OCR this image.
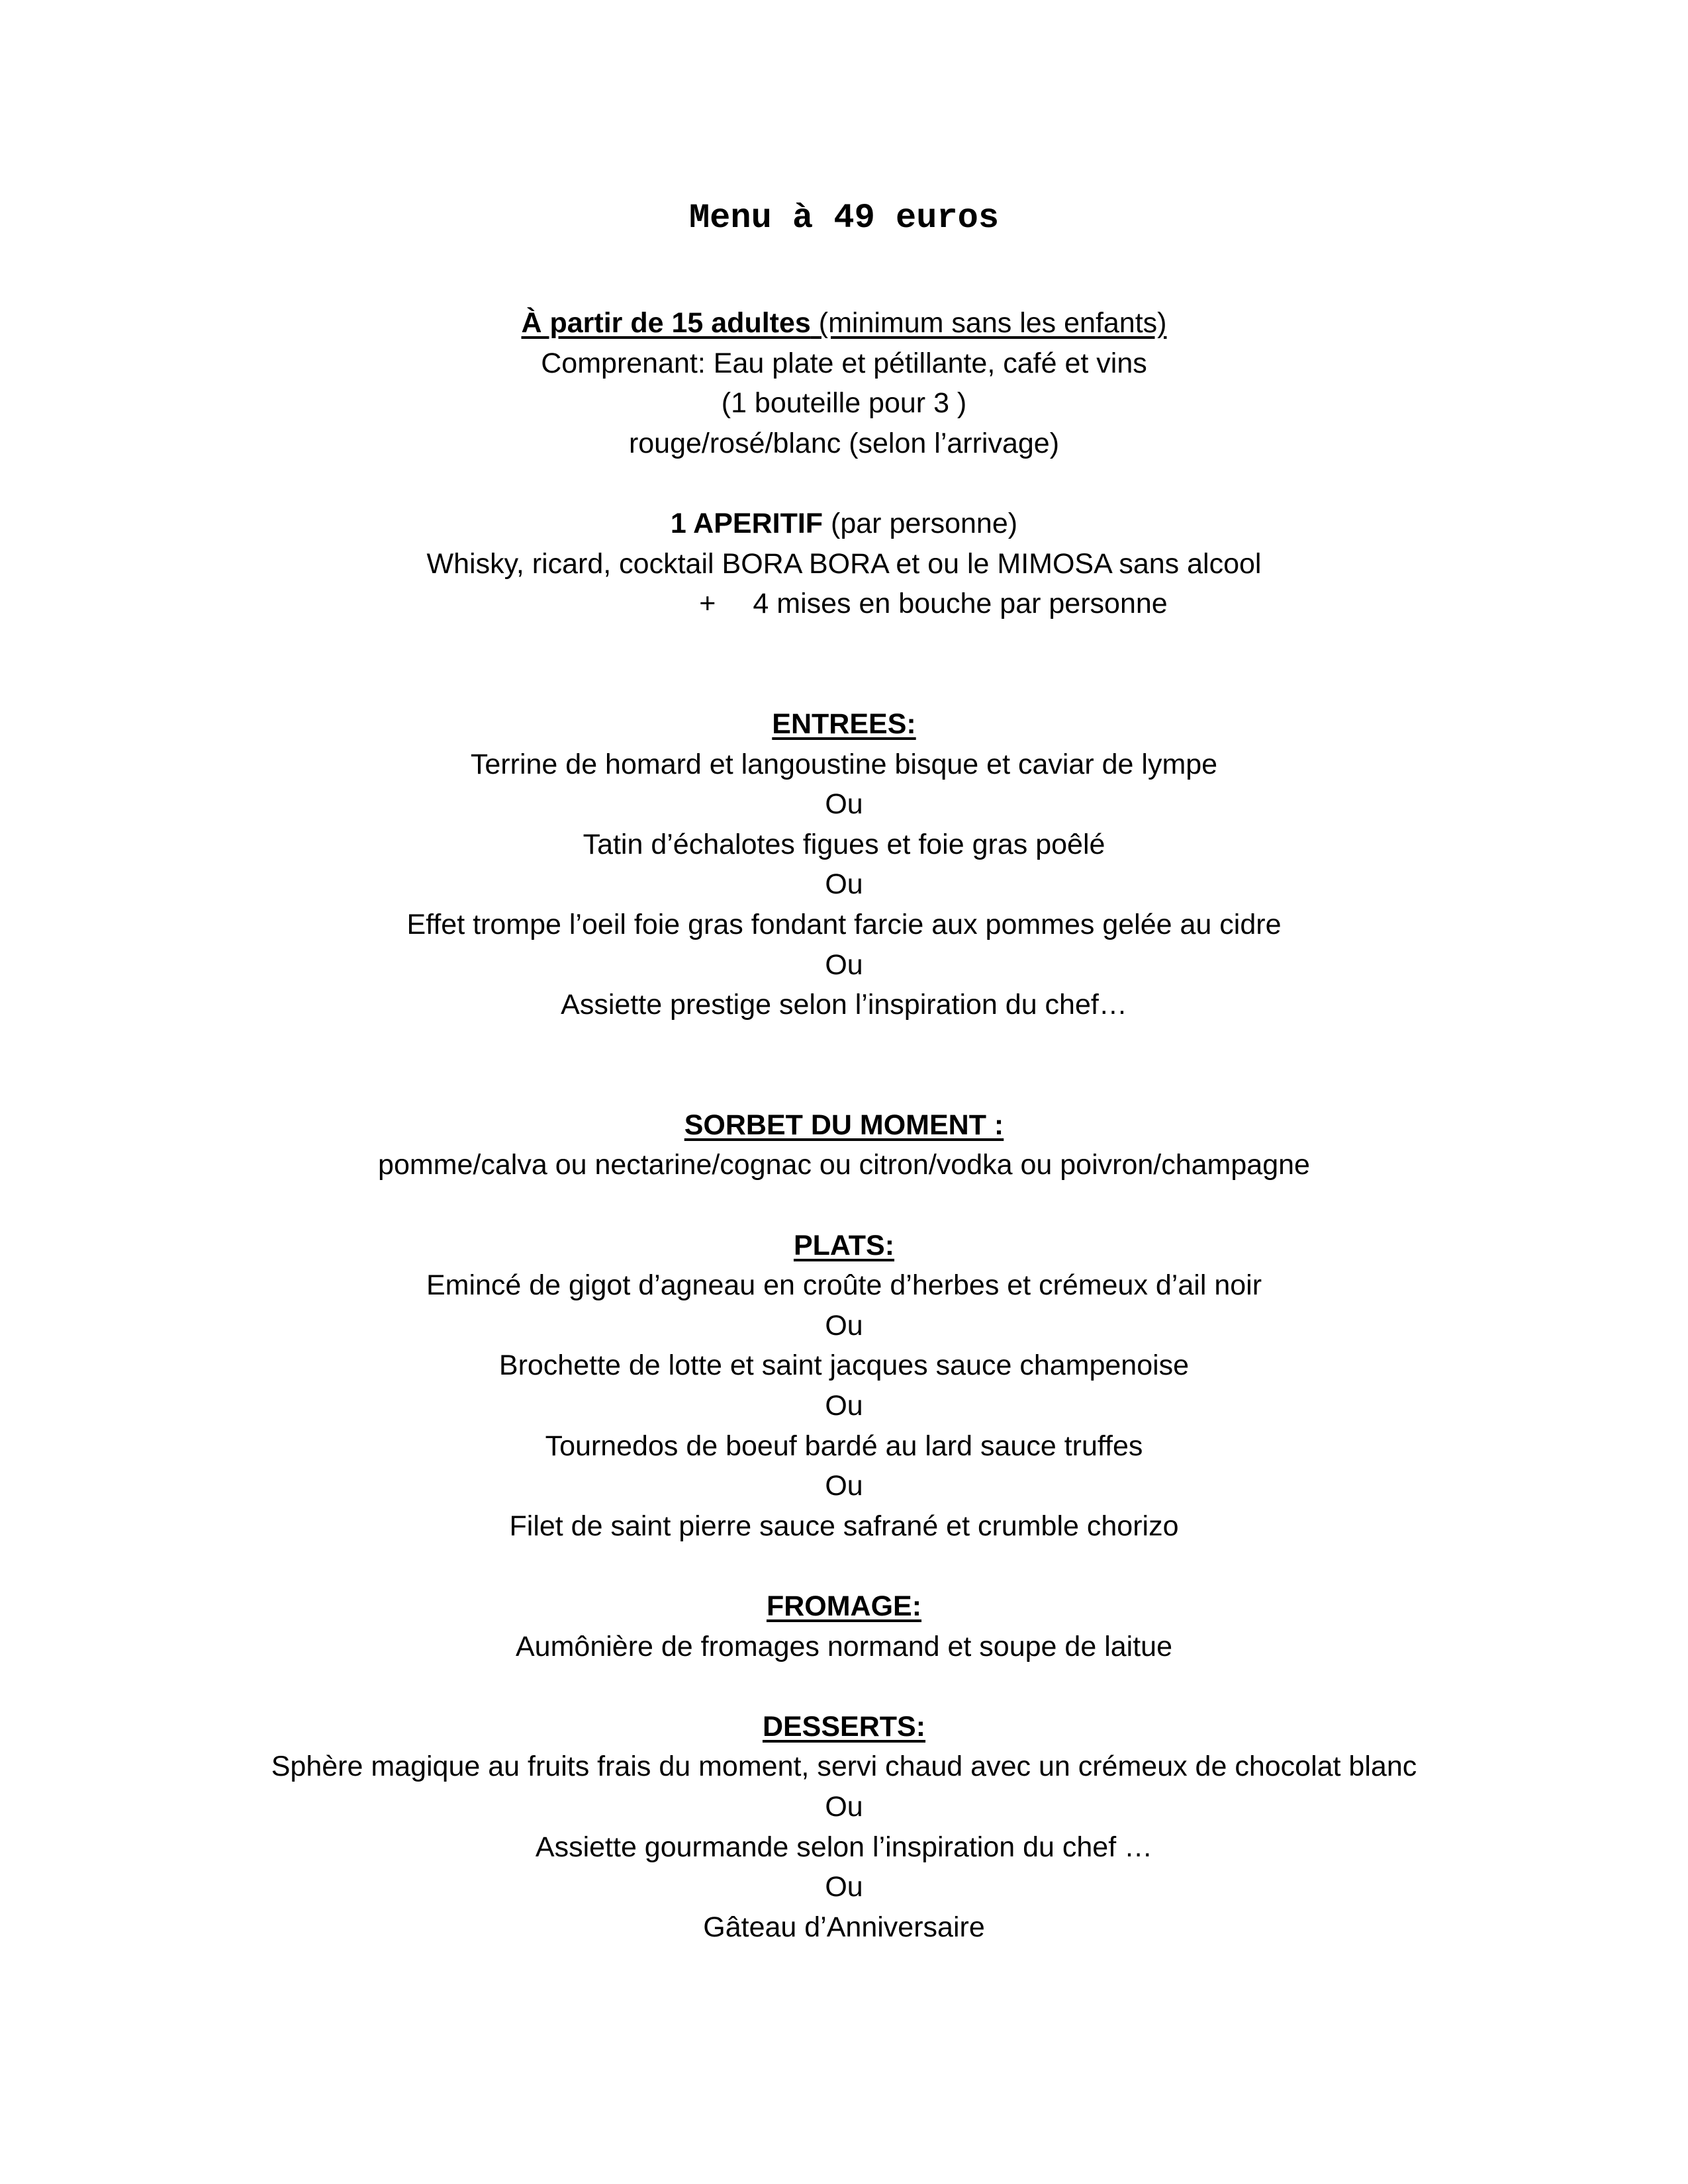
Menu à 49 euros
À partir de 15 adultes (minimum sans les enfants)
Comprenant: Eau plate et pétillante, café et vins
(1 bouteille pour 3 )
rouge/rosé/blanc (selon l’arrivage)
1 APERITIF (par personne)
Whisky, ricard, cocktail BORA BORA et ou le MIMOSA sans alcool
+ 4 mises en bouche par personne
ENTREES:
Terrine de homard et langoustine bisque et caviar de lympe
Ou
Tatin d’échalotes figues et foie gras poêlé
Ou
Effet trompe l’oeil foie gras fondant farcie aux pommes gelée au cidre
Ou
Assiette prestige selon l’inspiration du chef…
SORBET DU MOMENT :
pomme/calva ou nectarine/cognac ou citron/vodka ou poivron/champagne
PLATS:
Emincé de gigot d’agneau en croûte d’herbes et crémeux d’ail noir
Ou
Brochette de lotte et saint jacques sauce champenoise
Ou
Tournedos de boeuf bardé au lard sauce truffes
Ou
Filet de saint pierre sauce safrané et crumble chorizo
FROMAGE:
Aumônière de fromages normand et soupe de laitue
DESSERTS:
Sphère magique au fruits frais du moment, servi chaud avec un crémeux de chocolat blanc
Ou
Assiette gourmande selon l’inspiration du chef …
Ou
Gâteau d’Anniversaire
